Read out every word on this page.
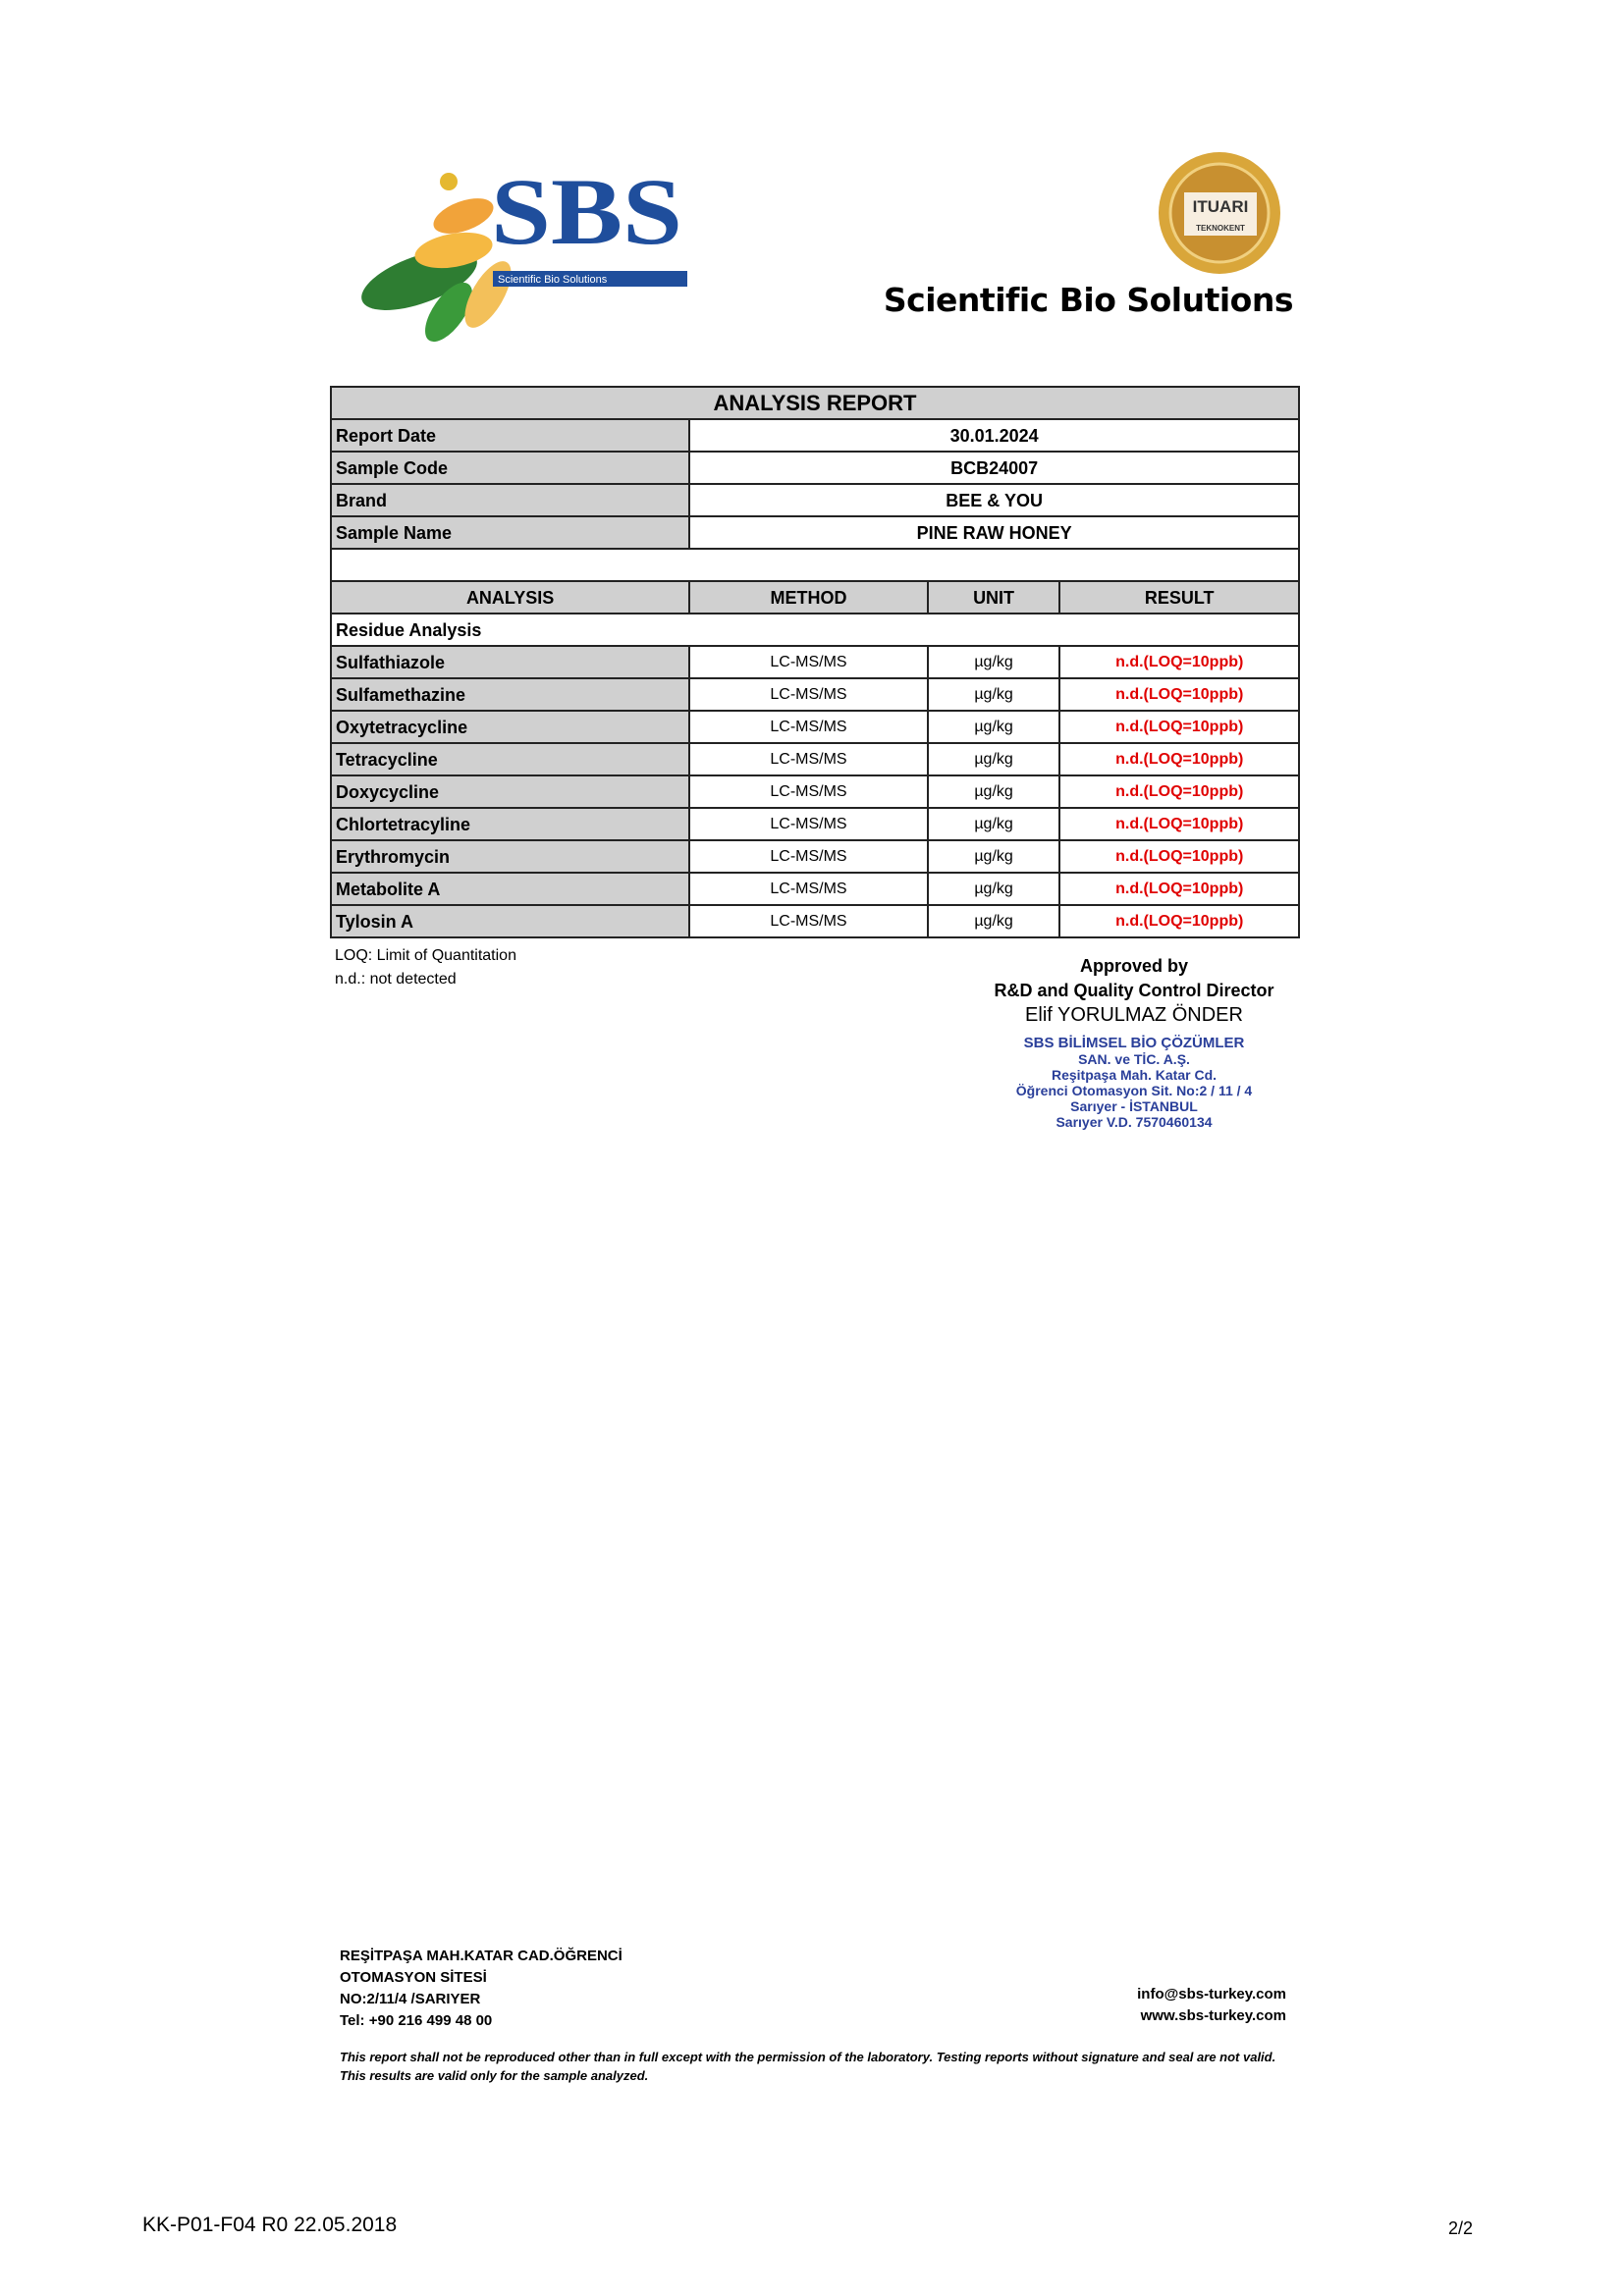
SBS
Scientific Bio Solutions
ITUARI
TEKNOKENT
Scientific Bio Solutions
ANALYSIS REPORT			
Report Date	30.01.2024		
Sample Code	BCB24007		
Brand	BEE & YOU		
Sample Name	PINE RAW HONEY		

ANALYSIS	METHOD	UNIT	RESULT
Residue Analysis			
Sulfathiazole	LC-MS/MS	µg/kg	n.d.(LOQ=10ppb)
Sulfamethazine	LC-MS/MS	µg/kg	n.d.(LOQ=10ppb)
Oxytetracycline	LC-MS/MS	µg/kg	n.d.(LOQ=10ppb)
Tetracycline	LC-MS/MS	µg/kg	n.d.(LOQ=10ppb)
Doxycycline	LC-MS/MS	µg/kg	n.d.(LOQ=10ppb)
Chlortetracyline	LC-MS/MS	µg/kg	n.d.(LOQ=10ppb)
Erythromycin	LC-MS/MS	µg/kg	n.d.(LOQ=10ppb)
Metabolite A	LC-MS/MS	µg/kg	n.d.(LOQ=10ppb)
Tylosin A	LC-MS/MS	µg/kg	n.d.(LOQ=10ppb)
LOQ: Limit of Quantitation
n.d.: not detected
Approved by
R&D and Quality Control Director
Elif YORULMAZ ÖNDER
SBS BİLİMSEL BİO ÇÖZÜMLER
SAN. ve TİC. A.Ş.
Reşitpaşa Mah. Katar Cd.
Öğrenci Otomasyon Sit. No:2 / 11 / 4
Sarıyer - İSTANBUL
Sarıyer V.D. 7570460134
REŞİTPAŞA MAH.KATAR CAD.ÖĞRENCİ
OTOMASYON SİTESİ
NO:2/11/4 /SARIYER
Tel: +90 216 499 48 00
info@sbs-turkey.com
www.sbs-turkey.com
This report shall not be reproduced other than in full except with the permission of the laboratory. Testing reports without signature and seal are not valid. This results are valid only for the sample analyzed.
KK-P01-F04 R0 22.05.2018	2/2
